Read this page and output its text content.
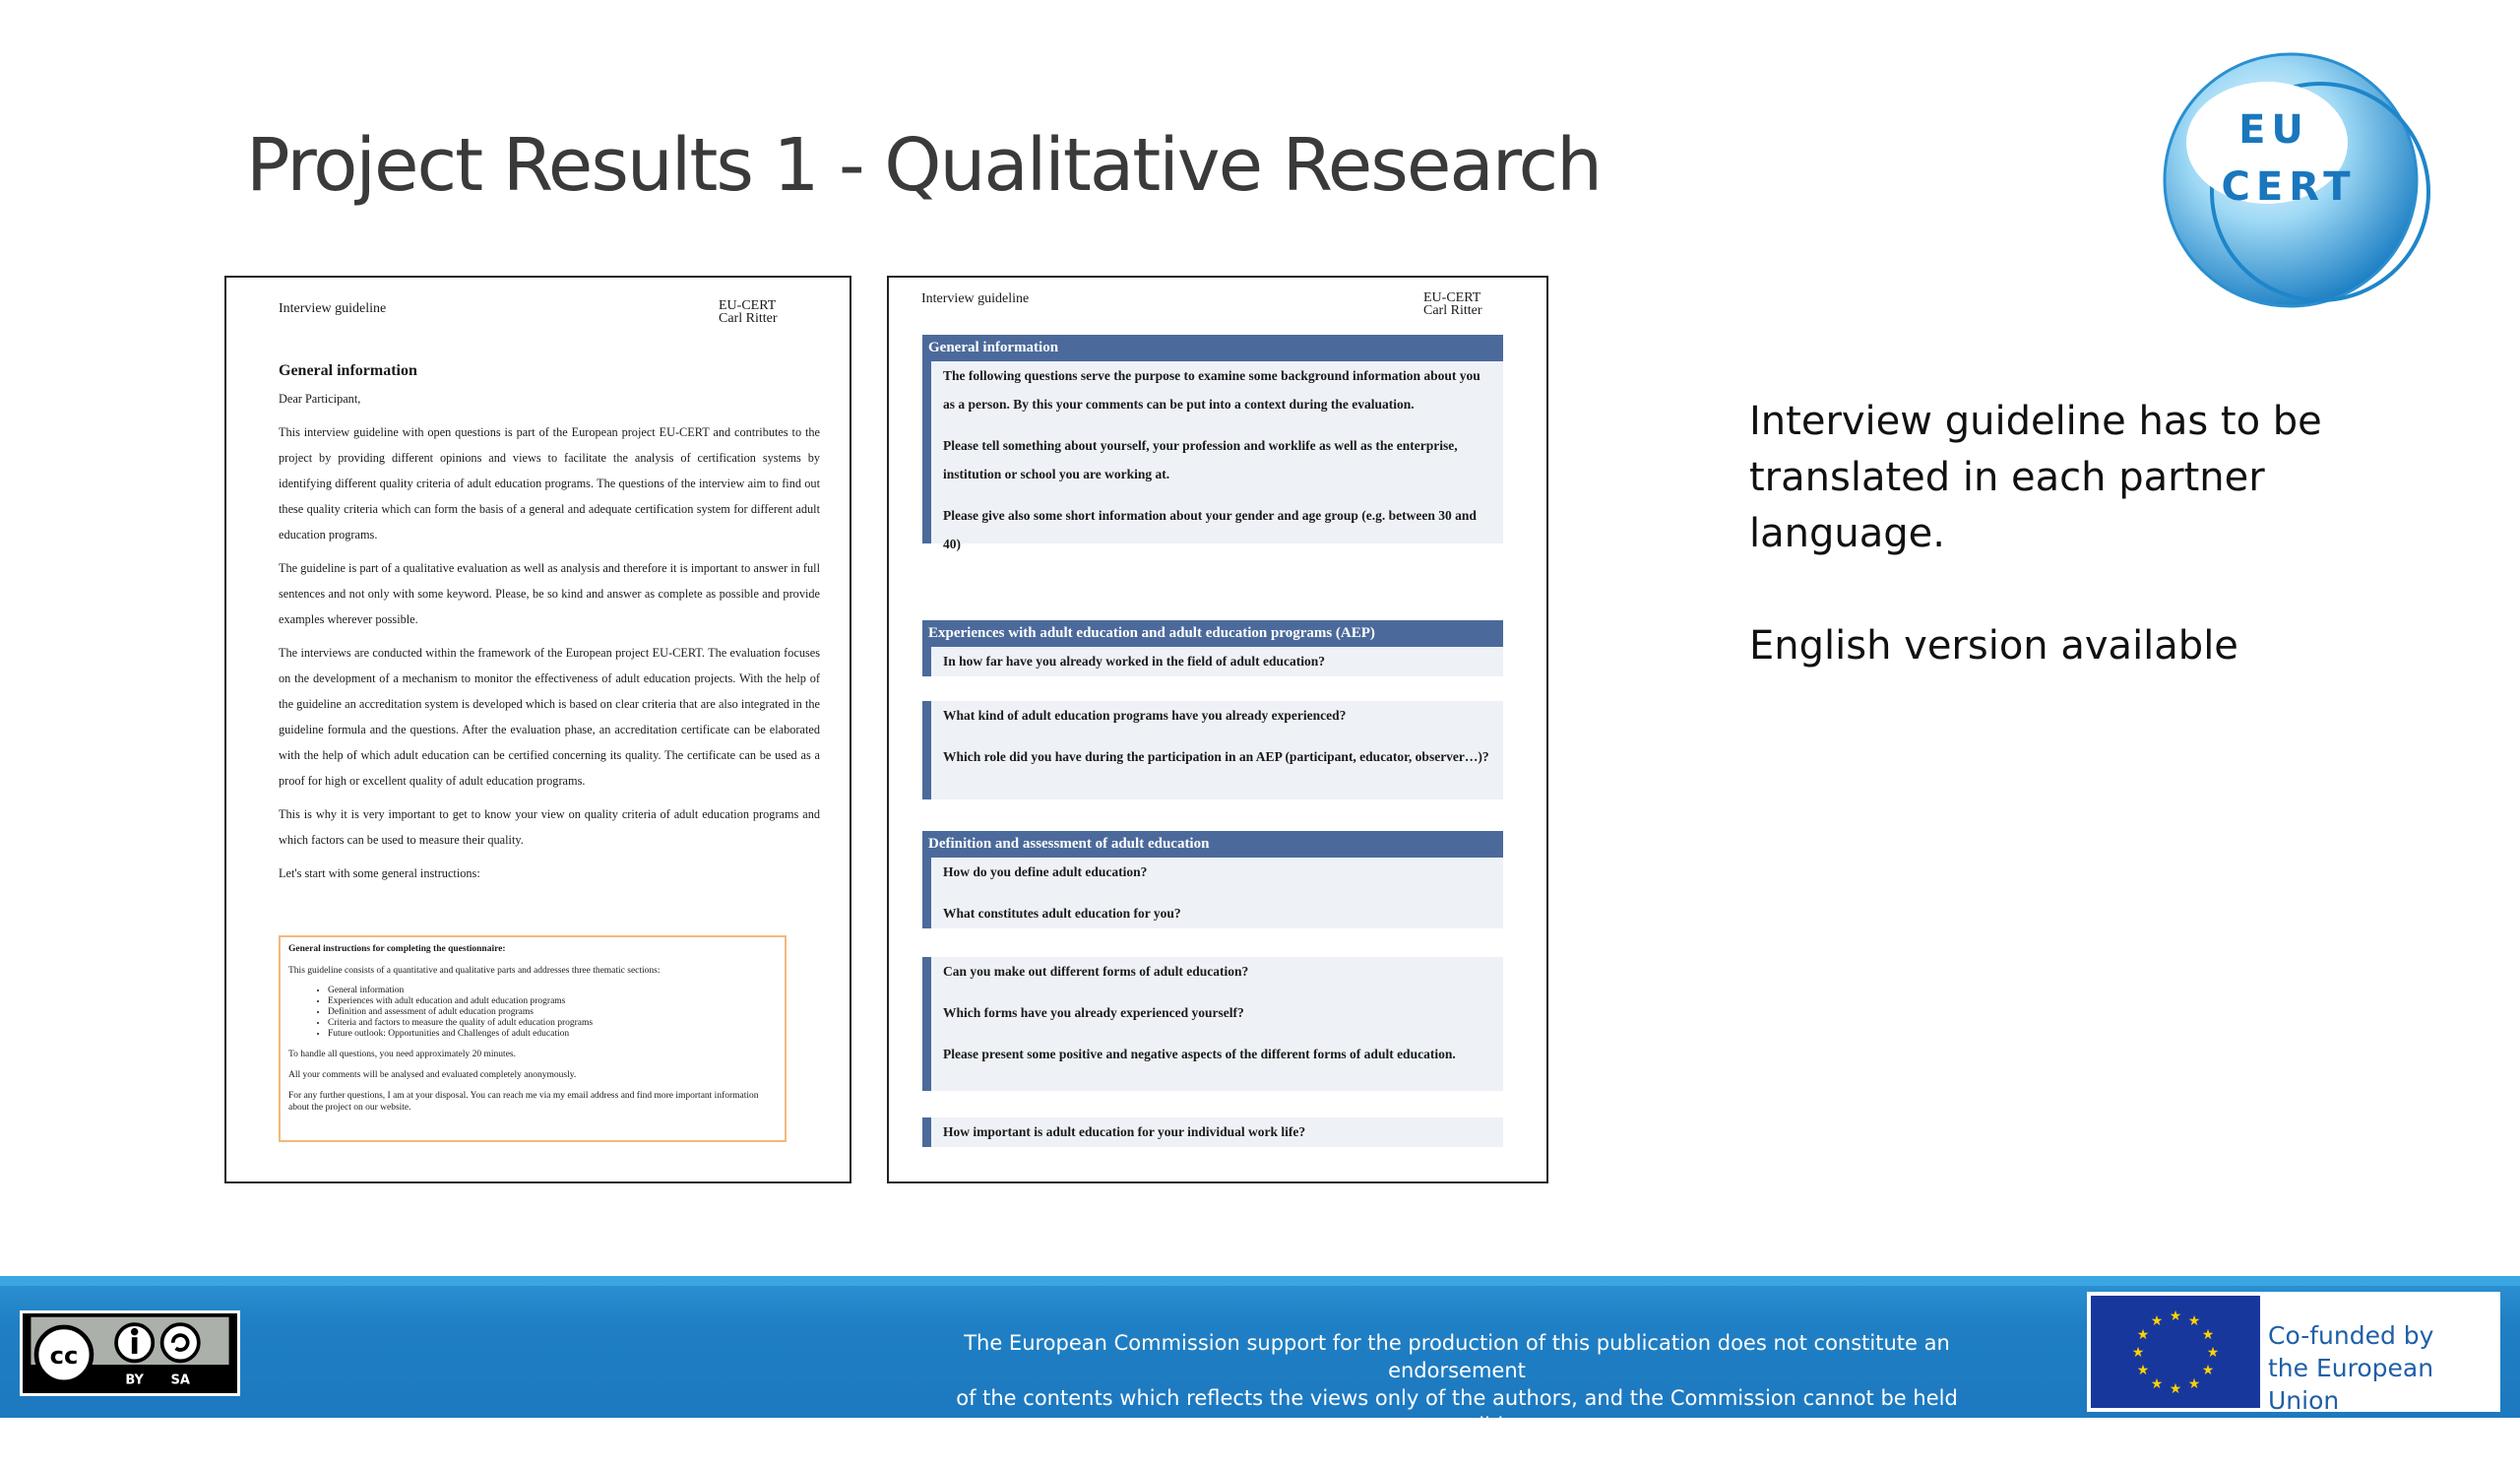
Project Results 1 - Qualitative Research	EU
CERT
Interview guideline	EU-CERT
Carl Ritter
General information

Dear Participant,

This interview guideline with open questions is part of the European project EU-CERT and contributes to the project by providing different opinions and views to facilitate the analysis of certification systems by identifying different quality criteria of adult education programs. The questions of the interview aim to find out these quality criteria which can form the basis of a general and adequate certification system for different adult education programs.

The guideline is part of a qualitative evaluation as well as analysis and therefore it is important to answer in full sentences and not only with some keyword. Please, be so kind and answer as complete as possible and provide examples wherever possible.

The interviews are conducted within the framework of the European project EU-CERT. The evaluation focuses on the development of a mechanism to monitor the effectiveness of adult education projects. With the help of the guideline an accreditation system is developed which is based on clear criteria that are also integrated in the guideline formula and the questions. After the evaluation phase, an accreditation certificate can be elaborated with the help of which adult education can be certified concerning its quality. The certificate can be used as a proof for high or excellent quality of adult education programs.

This is why it is very important to get to know your view on quality criteria of adult education programs and which factors can be used to measure their quality.

Let's start with some general instructions:

General instructions for completing the questionnaire:

This guideline consists of a quantitative and qualitative parts and addresses three thematic sections:

• General information
• Experiences with adult education and adult education programs
• Definition and assessment of adult education programs
• Criteria and factors to measure the quality of adult education programs
• Future outlook: Opportunities and Challenges of adult education

To handle all questions, you need approximately 20 minutes.

All your comments will be analysed and evaluated completely anonymously.

For any further questions, I am at your disposal. You can reach me via my email address and find more important information about the project on our website.

Interview guideline	EU-CERT
Carl Ritter
General information

The following questions serve the purpose to examine some background information about you as a person. By this your comments can be put into a context during the evaluation.

Please tell something about yourself, your profession and worklife as well as the enterprise, institution or school you are working at.

Please give also some short information about your gender and age group (e.g. between 30 and 40)

Experiences with adult education and adult education programs (AEP)

In how far have you already worked in the field of adult education?

What kind of adult education programs have you already experienced?

Which role did you have during the participation in an AEP (participant, educator, observer…)?

Definition and assessment of adult education

How do you define adult education?

What constitutes adult education for you?

Can you make out different forms of adult education?

Which forms have you already experienced yourself?

Please present some positive and negative aspects of the different forms of adult education.

How important is adult education for your individual work life?

Interview guideline has to be translated in each partner language.

English version available

cc
BY SA
The European Commission support for the production of this publication does not constitute an endorsement
of the contents which reflects the views only of the authors, and the Commission cannot be held responsible
for any use which may be made of the information contained therein.
★ ★
★
★
★
★
★
★
★
★
★
★	Co-funded by
the European Union
